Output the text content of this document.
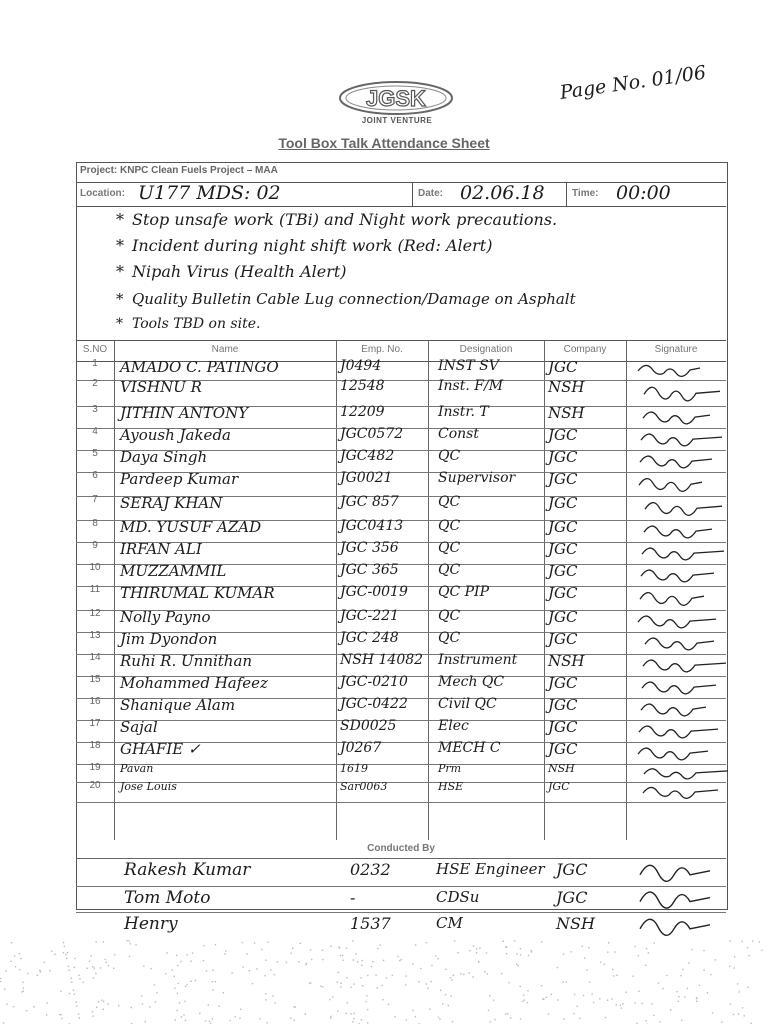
JGSK
JOINT VENTURE
Page No. 01/06
Tool Box Talk Attendance Sheet
Project: KNPC Clean Fuels Project – MAA
Location: U177 MDS: 02	Date: 02.06.18	Time: 00:00
* Stop unsafe work (TBi) and Night work precautions.
* Incident during night shift work (Red: Alert)
* Nipah Virus (Health Alert)
* Quality Bulletin Cable Lug connection/Damage on Asphalt
* Tools TBD on site.
S.NO	Name	Emp. No.	Designation	Company	Signature
1	AMADO C. PATINGO	J0494	INST SV	JGC
2	VISHNU R	12548	Inst. F/M	NSH
3	JITHIN ANTONY	12209	Instr. T	NSH
4	Ayoush Jakeda	JGC0572 Const	JGC
5	Daya Singh	JGC482	QC	JGC
6	Pardeep Kumar	JG0021	Supervisor JGC
7	SERAJ KHAN	JGC 857	QC	JGC
8	MD. YUSUF AZAD	JGC0413 QC	JGC
9	IRFAN ALI	JGC 356	QC	JGC
10	MUZZAMMIL	JGC 365	QC	JGC
11	THIRUMAL KUMAR	JGC-0019 QC PIP	JGC
12	Nolly Payno	JGC-221	QC	JGC
13	Jim Dyondon	JGC 248	QC	JGC
14	Ruhi R. Unnithan	NSH 14082 Instrument NSH
15	Mohammed Hafeez	JGC-0210 Mech QC	JGC
16	Shanique Alam	JGC-0422 Civil QC	JGC
17	Sajal	SD0025	Elec	JGC
18	GHAFIE ✓	J0267	MECH C	JGC
19	Pavan	1619	Prm	NSH
20	Jose Louis	Sar0063	HSE	JGC
Conducted By
Rakesh Kumar	0232	HSE Engineer JGC
Tom Moto	-	CDSu	JGC
Henry	1537	CM	NSH
